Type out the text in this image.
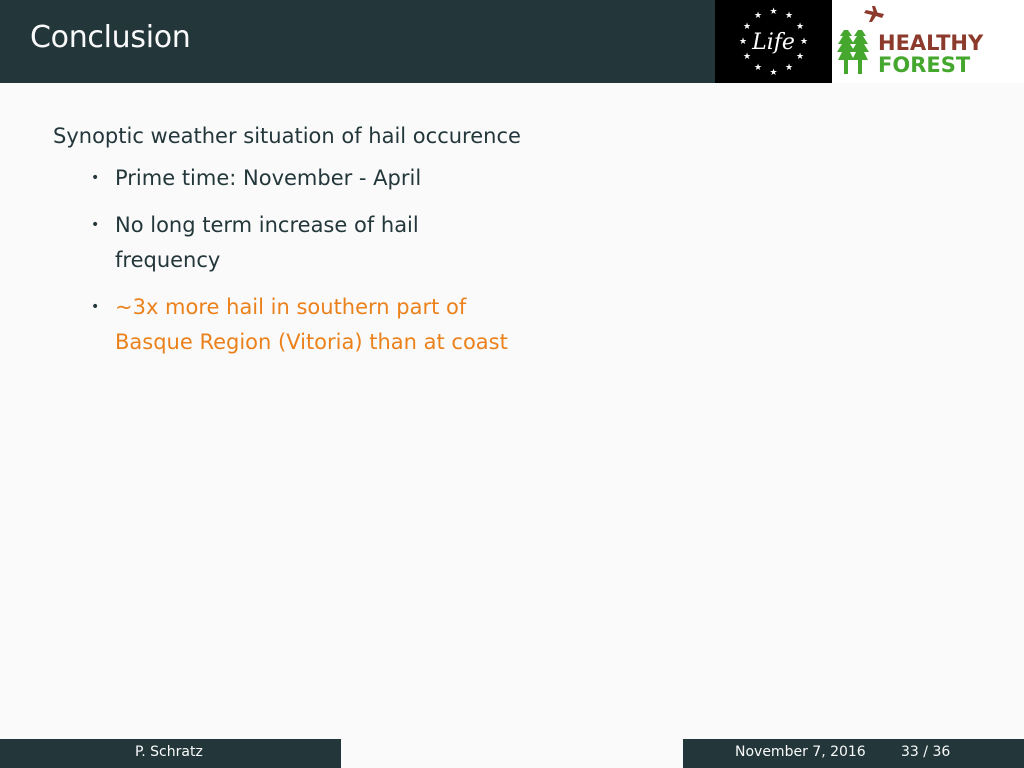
Conclusion
★ ★
★
★
★
★
★
★
★
★
★
★
Life	HEALTHY
FOREST
Synoptic weather situation of hail occurence
• Prime time: November - April
• No long term increase of hail frequency
• ~3x more hail in southern part of Basque Region (Vitoria) than at coast
P. Schratz	November 7, 2016	33 / 36
